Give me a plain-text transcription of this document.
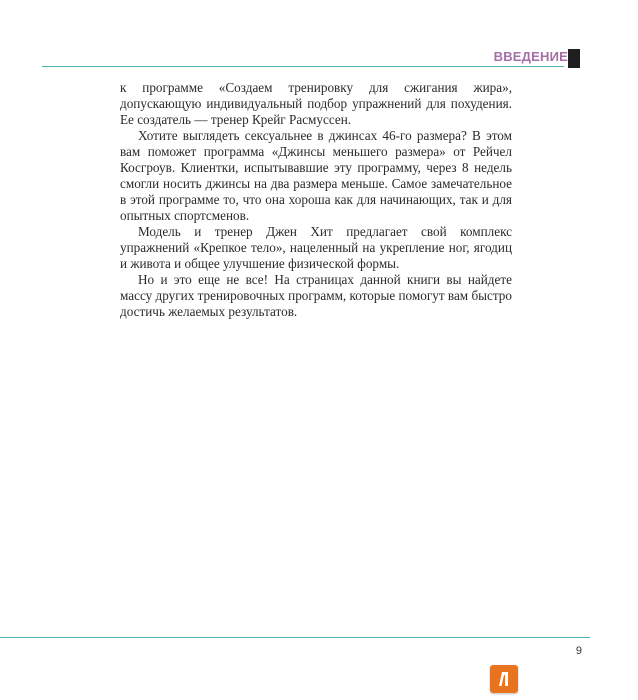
ВВЕДЕНИЕ

к программе «Создаем тренировку для сжигания жира», допускающую индивидуальный подбор упражнений для похудения. Ее создатель — тренер Крейг Расмуссен.

Хотите выглядеть сексуальнее в джинсах 46-го размера? В этом вам поможет программа «Джинсы меньшего размера» от Рейчел Косгроув. Клиентки, испытывавшие эту программу, через 8 недель смогли носить джинсы на два размера меньше. Самое замечательное в этой программе то, что она хороша как для начинающих, так и для опытных спортсменов.

Модель и тренер Джен Хит предлагает свой комплекс упражнений «Крепкое тело», нацеленный на укрепление ног, ягодиц и живота и общее улучшение физической формы.

Но и это еще не все! На страницах данной книги вы найдете массу других тренировочных программ, которые помогут вам быстро достичь желаемых результатов.

9
